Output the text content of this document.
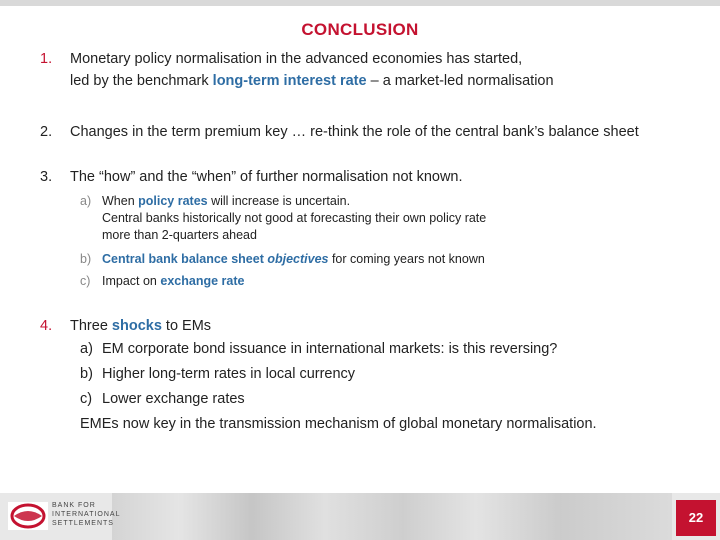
CONCLUSION
1. Monetary policy normalisation in the advanced economies has started,
led by the benchmark long-term interest rate – a market-led normalisation
2. Changes in the term premium key … re-think the role of the central bank’s balance sheet
3. The “how” and the “when” of further normalisation not known.
a) When policy rates will increase is uncertain.
Central banks historically not good at forecasting their own policy rate
more than 2-quarters ahead
b) Central bank balance sheet objectives for coming years not known
c) Impact on exchange rate
4. Three shocks to EMs
a) EM corporate bond issuance in international markets: is this reversing?
b) Higher long-term rates in local currency
c) Lower exchange rates
EMEs now key in the transmission mechanism of global monetary normalisation.
BANK FOR
INTERNATIONAL
SETTLEMENTS	22
